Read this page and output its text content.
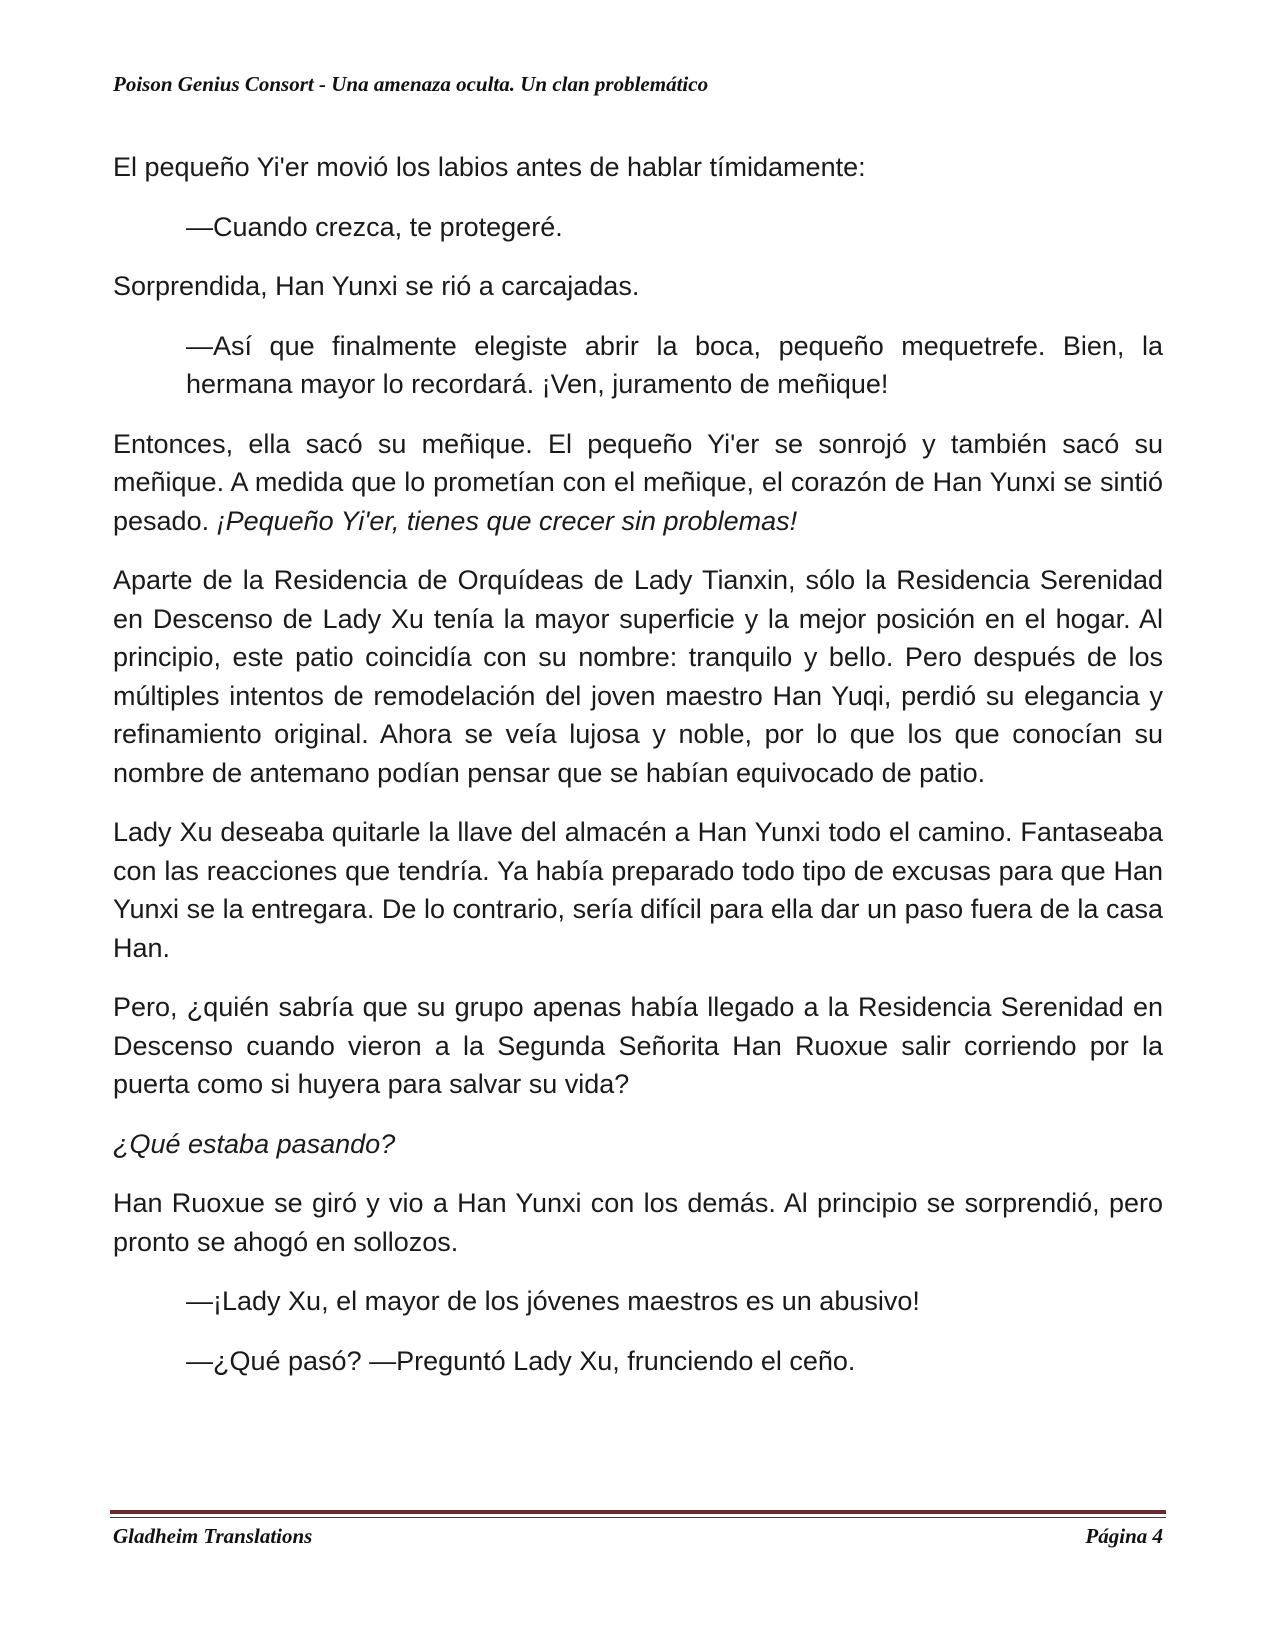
Poison Genius Consort - Una amenaza oculta. Un clan problemático

El pequeño Yi'er movió los labios antes de hablar tímidamente:

—Cuando crezca, te protegeré.

Sorprendida, Han Yunxi se rió a carcajadas.

—Así que finalmente elegiste abrir la boca, pequeño mequetrefe. Bien, la hermana mayor lo recordará. ¡Ven, juramento de meñique!

Entonces, ella sacó su meñique. El pequeño Yi'er se sonrojó y también sacó su meñique. A medida que lo prometían con el meñique, el corazón de Han Yunxi se sintió pesado. ¡Pequeño Yi'er, tienes que crecer sin problemas!

Aparte de la Residencia de Orquídeas de Lady Tianxin, sólo la Residencia Serenidad en Descenso de Lady Xu tenía la mayor superficie y la mejor posición en el hogar. Al principio, este patio coincidía con su nombre: tranquilo y bello. Pero después de los múltiples intentos de remodelación del joven maestro Han Yuqi, perdió su elegancia y refinamiento original. Ahora se veía lujosa y noble, por lo que los que conocían su nombre de antemano podían pensar que se habían equivocado de patio.

Lady Xu deseaba quitarle la llave del almacén a Han Yunxi todo el camino. Fantaseaba con las reacciones que tendría. Ya había preparado todo tipo de excusas para que Han Yunxi se la entregara. De lo contrario, sería difícil para ella dar un paso fuera de la casa Han.

Pero, ¿quién sabría que su grupo apenas había llegado a la Residencia Serenidad en Descenso cuando vieron a la Segunda Señorita Han Ruoxue salir corriendo por la puerta como si huyera para salvar su vida?

¿Qué estaba pasando?

Han Ruoxue se giró y vio a Han Yunxi con los demás. Al principio se sorprendió, pero pronto se ahogó en sollozos.

—¡Lady Xu, el mayor de los jóvenes maestros es un abusivo!

—¿Qué pasó? —Preguntó Lady Xu, frunciendo el ceño.

Gladheim Translations	Página 4
